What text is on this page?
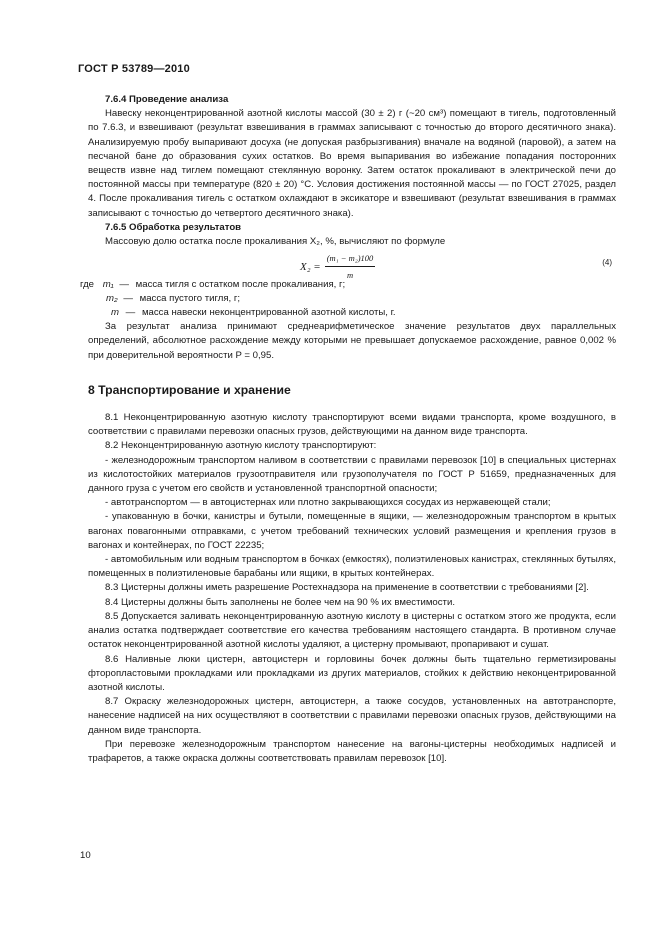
ГОСТ Р 53789—2010

7.6.4 Проведение анализа

Навеску неконцентрированной азотной кислоты массой (30 ± 2) г (~20 см³) помещают в тигель, подготовленный по 7.6.3, и взвешивают (результат взвешивания в граммах записывают с точностью до второго десятичного знака). Анализируемую пробу выпаривают досуха (не допуская разбрызгивания) вначале на водяной (паровой), а затем на песчаной бане до образования сухих остатков. Во время выпаривания во избежание попадания посторонних веществ извне над тиглем помещают стеклянную воронку. Затем остаток прокаливают в электрической печи до постоянной массы при температуре (820 ± 20) °С. Условия достижения постоянной массы — по ГОСТ 27025, раздел 4. После прокаливания тигель с остатком охлаждают в эксикаторе и взвешивают (результат взвешивания в граммах записывают с точностью до четвертого десятичного знака).

7.6.5 Обработка результатов

Массовую долю остатка после прокаливания X₂, %, вычисляют по формуле

$X_2 = \frac{\text{(m₁ − m₂)100}}{m}$	(4)
где m₁ — масса тигля с остатком после прокаливания, г;
m₂ — масса пустого тигля, г;
m — масса навески неконцентрированной азотной кислоты, г.

За результат анализа принимают среднеарифметическое значение результатов двух параллельных определений, абсолютное расхождение между которыми не превышает допускаемое расхождение, равное 0,002 % при доверительной вероятности P = 0,95.

8 Транспортирование и хранение

8.1 Неконцентрированную азотную кислоту транспортируют всеми видами транспорта, кроме воздушного, в соответствии с правилами перевозки опасных грузов, действующими на данном виде транспорта.

8.2 Неконцентрированную азотную кислоту транспортируют:

- железнодорожным транспортом наливом в соответствии с правилами перевозок [10] в специальных цистернах из кислотостойких материалов грузоотправителя или грузополучателя по ГОСТ Р 51659, предназначенных для данного груза с учетом его свойств и установленной транспортной опасности;

- автотранспортом — в автоцистернах или плотно закрывающихся сосудах из нержавеющей стали;

- упакованную в бочки, канистры и бутыли, помещенные в ящики, — железнодорожным транспортом в крытых вагонах повагонными отправками, с учетом требований технических условий размещения и крепления грузов в вагонах и контейнерах, по ГОСТ 22235;

- автомобильным или водным транспортом в бочках (емкостях), полиэтиленовых канистрах, стеклянных бутылях, помещенных в полиэтиленовые барабаны или ящики, в крытых контейнерах.

8.3 Цистерны должны иметь разрешение Ростехнадзора на применение в соответствии с требованиями [2].

8.4 Цистерны должны быть заполнены не более чем на 90 % их вместимости.

8.5 Допускается заливать неконцентрированную азотную кислоту в цистерны с остатком этого же продукта, если анализ остатка подтверждает соответствие его качества требованиям настоящего стандарта. В противном случае остаток неконцентрированной азотной кислоты удаляют, а цистерну промывают, пропаривают и сушат.

8.6 Наливные люки цистерн, автоцистерн и горловины бочек должны быть тщательно герметизированы фторопластовыми прокладками или прокладками из других материалов, стойких к действию неконцентрированной азотной кислоты.

8.7 Окраску железнодорожных цистерн, автоцистерн, а также сосудов, установленных на автотранспорте, нанесение надписей на них осуществляют в соответствии с правилами перевозки опасных грузов, действующими на данном виде транспорта.

При перевозке железнодорожным транспортом нанесение на вагоны-цистерны необходимых надписей и трафаретов, а также окраска должны соответствовать правилам перевозок [10].

10
